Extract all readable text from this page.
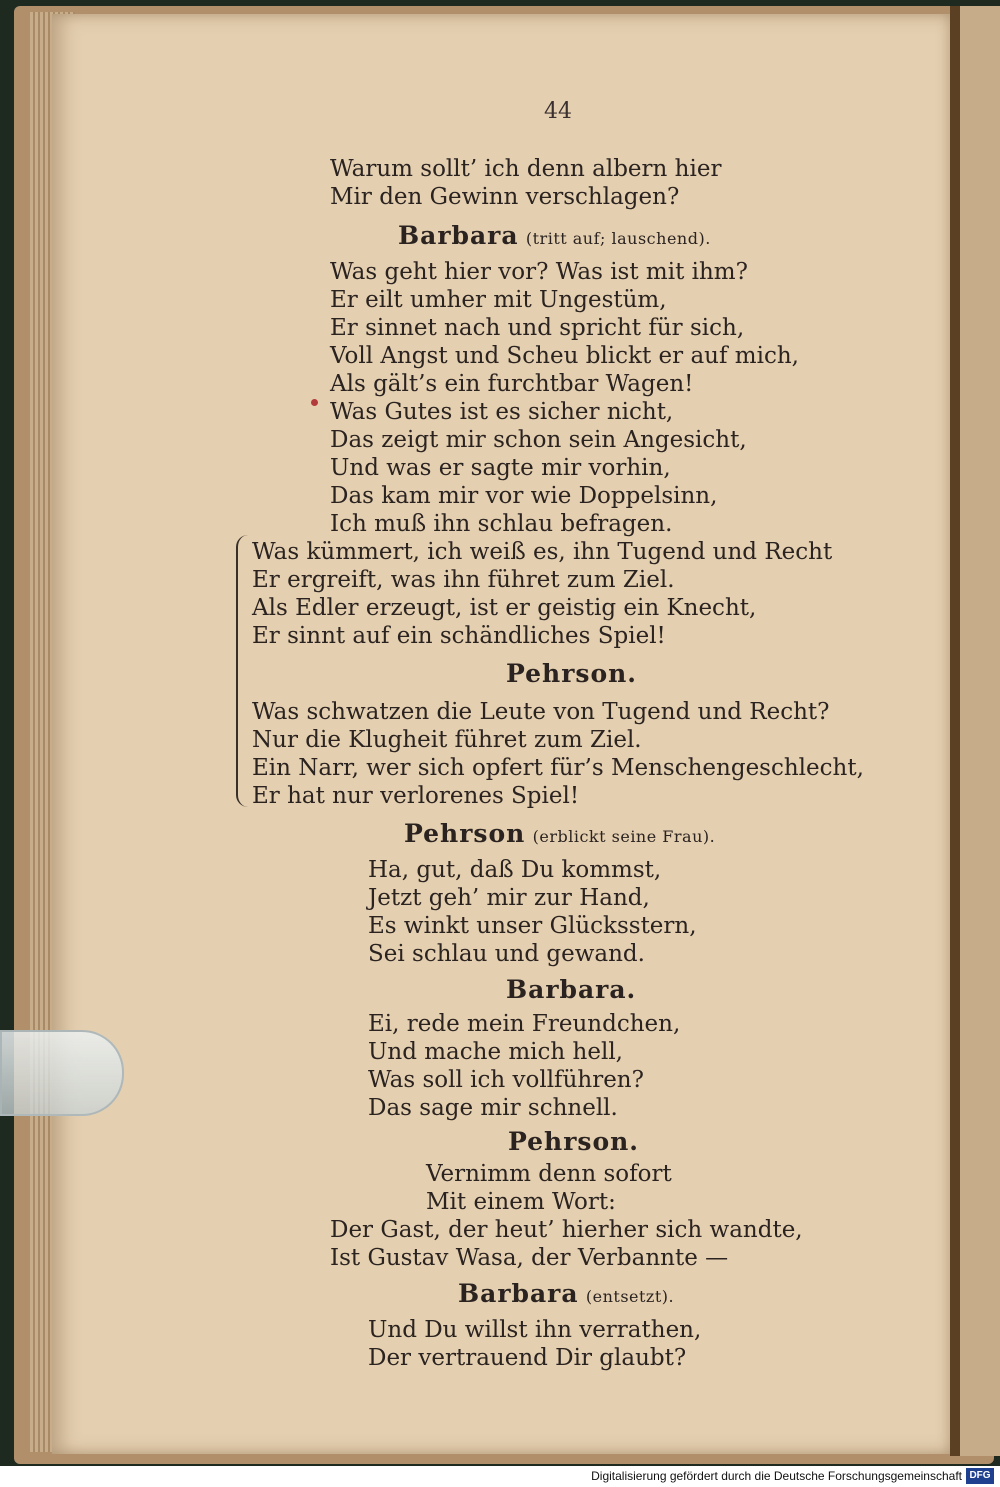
44
Warum sollt’ ich denn albern hier
Mir den Gewinn verschlagen?
Barbara (tritt auf; lauschend).
Was geht hier vor? Was ist mit ihm?
Er eilt umher mit Ungestüm,
Er sinnet nach und spricht für sich,
Voll Angst und Scheu blickt er auf mich,
Als gält’s ein furchtbar Wagen!
Was Gutes ist es sicher nicht,
Das zeigt mir schon sein Angesicht,
Und was er sagte mir vorhin,
Das kam mir vor wie Doppelsinn,
Ich muß ihn schlau befragen.
Was kümmert, ich weiß es, ihn Tugend und Recht
Er ergreift, was ihn führet zum Ziel.
Als Edler erzeugt, ist er geistig ein Knecht,
Er sinnt auf ein schändliches Spiel!
Pehrson.
Was schwatzen die Leute von Tugend und Recht?
Nur die Klugheit führet zum Ziel.
Ein Narr, wer sich opfert für’s Menschengeschlecht,
Er hat nur verlorenes Spiel!
Pehrson (erblickt seine Frau).
Ha, gut, daß Du kommst,
Jetzt geh’ mir zur Hand,
Es winkt unser Glücksstern,
Sei schlau und gewand.
Barbara.
Ei, rede mein Freundchen,
Und mache mich hell,
Was soll ich vollführen?
Das sage mir schnell.
Pehrson.
Vernimm denn sofort
Mit einem Wort:
Der Gast, der heut’ hierher sich wandte,
Ist Gustav Wasa, der Verbannte —
Barbara (entsetzt).
Und Du willst ihn verrathen,
Der vertrauend Dir glaubt?
Digitalisierung gefördert durch die Deutsche Forschungsgemeinschaft DFG
